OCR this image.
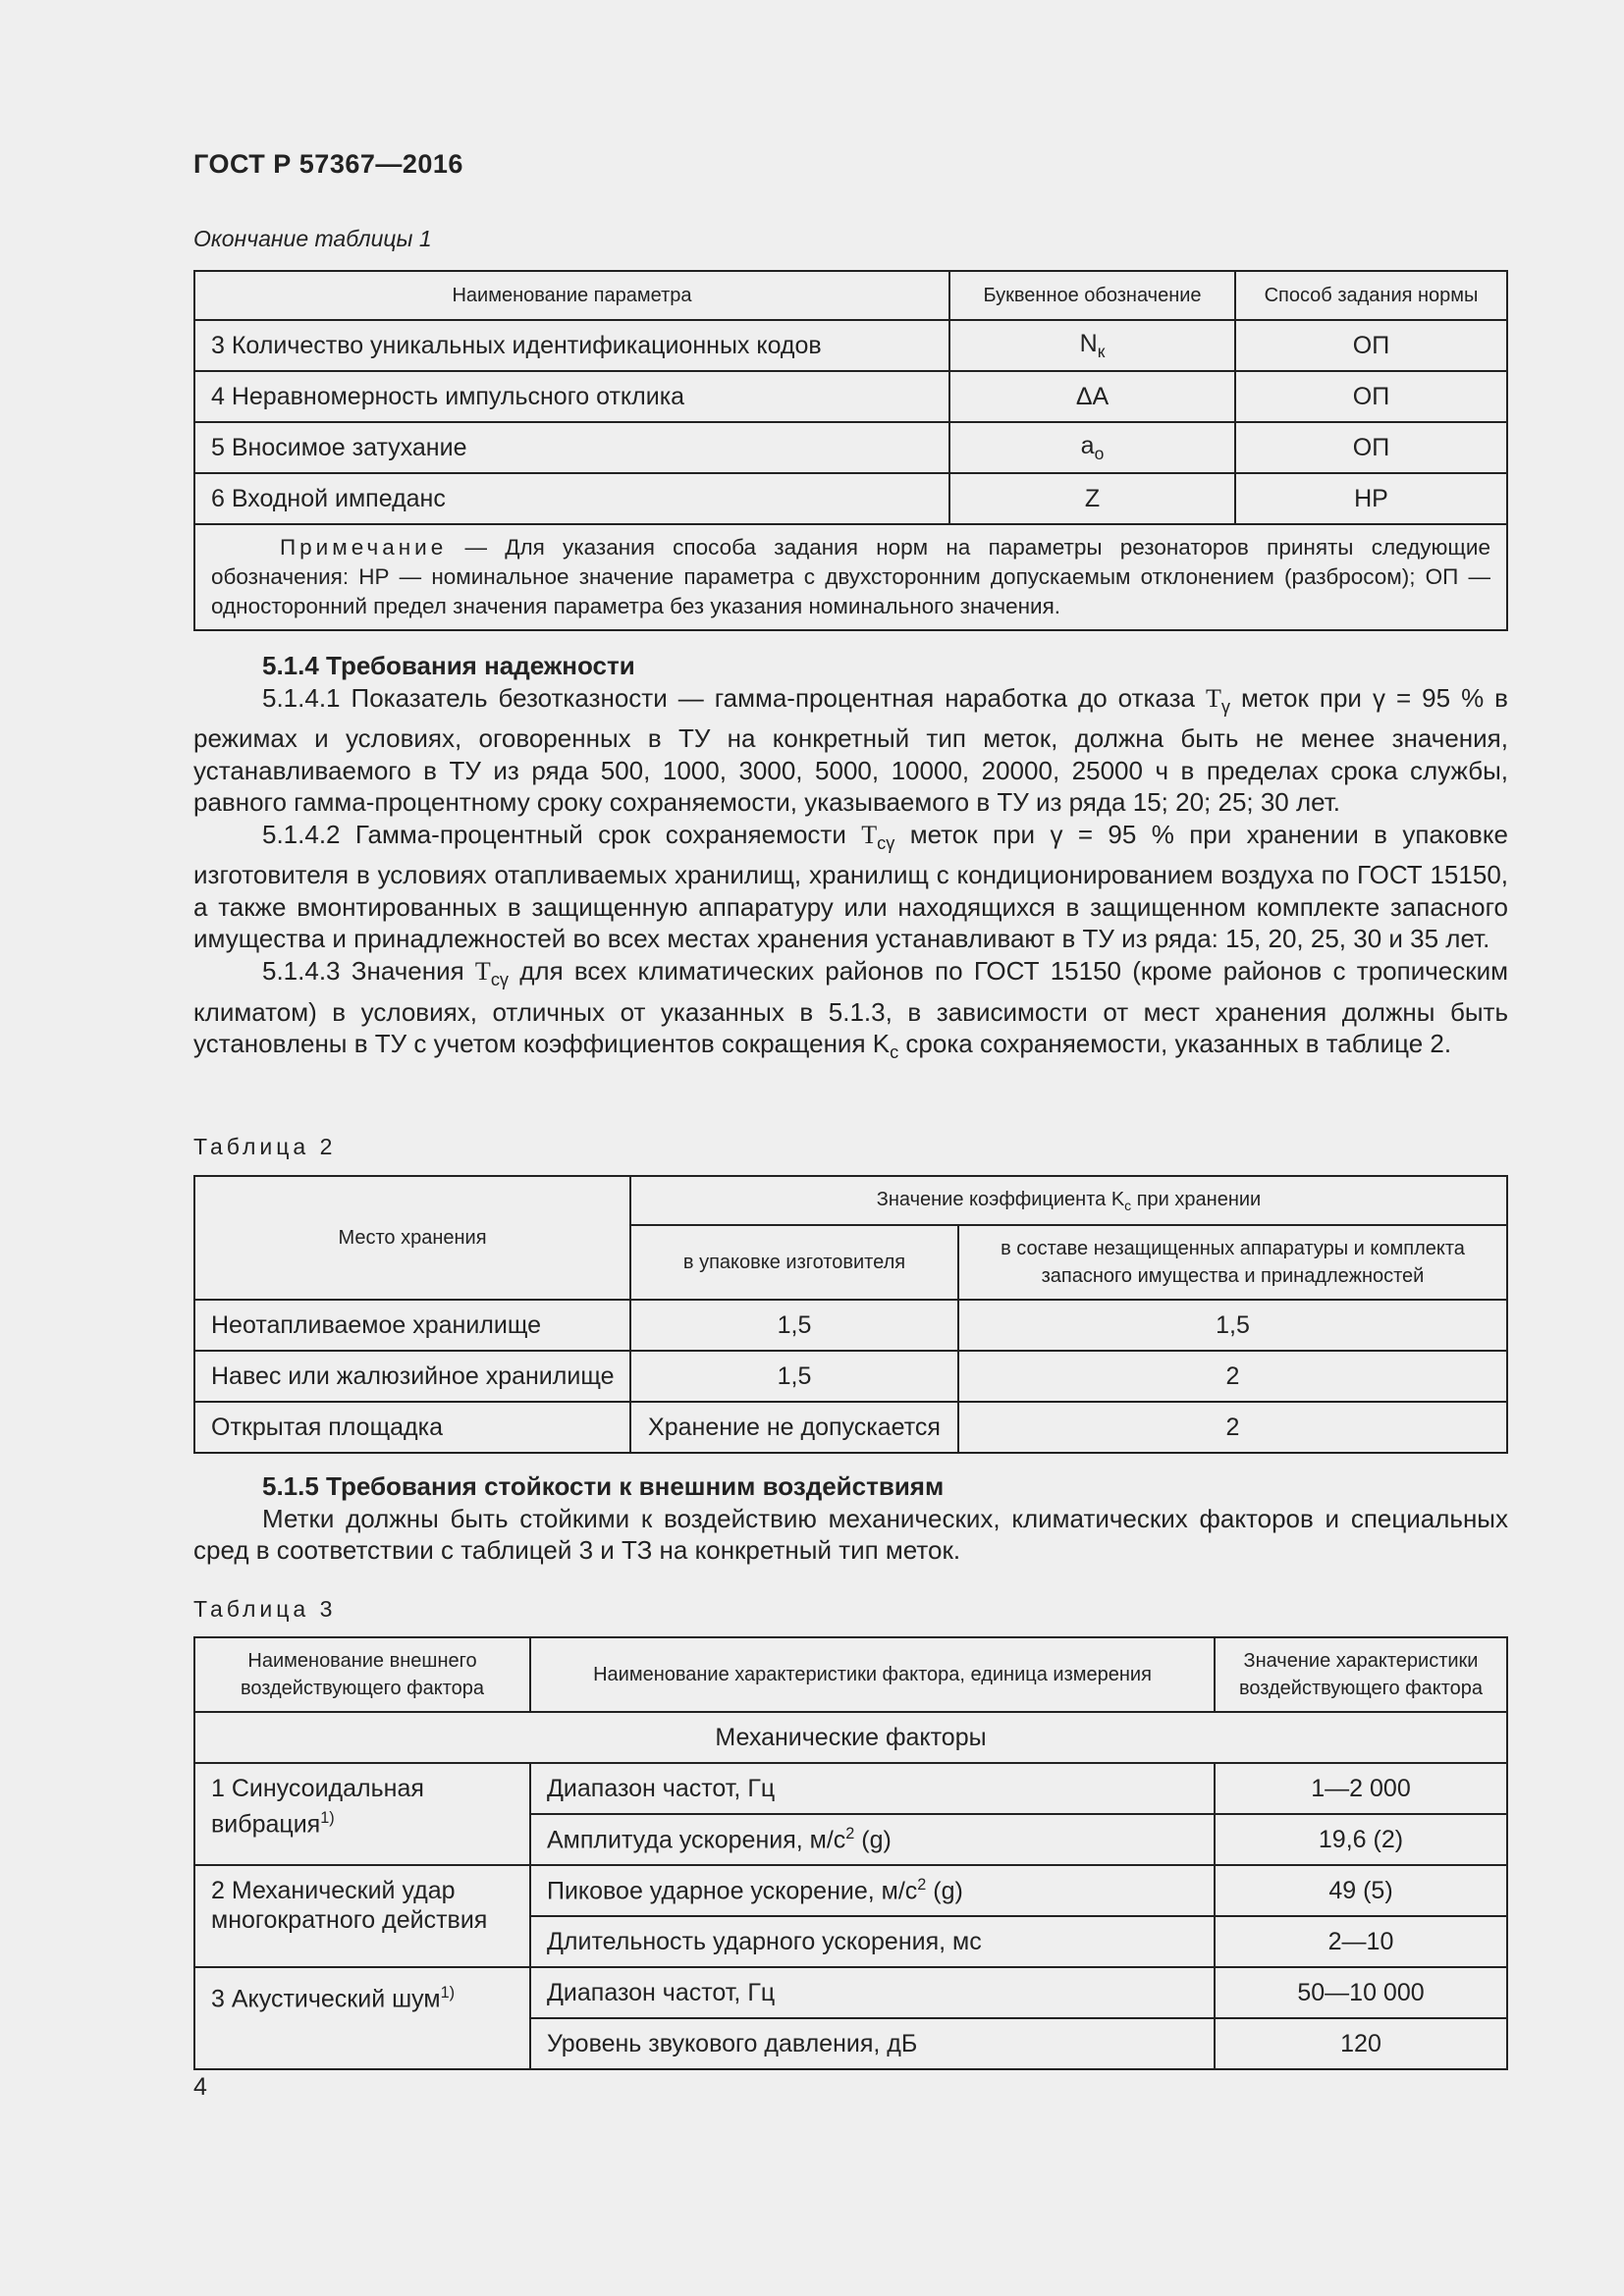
ГОСТ Р 57367—2016
Окончание таблицы 1
Наименование параметра	Буквенное обозначение	Способ задания нормы
3 Количество уникальных идентификационных кодов	$N_к$	ОП
4 Неравномерность импульсного отклика	ΔA	ОП
5 Вносимое затухание	$a_o$	ОП
6 Входной импеданс	Z	НР
Примечание — Для указания способа задания норм на параметры резонаторов приняты следующие обозначения: НР — номинальное значение параметра с двухсторонним допускаемым отклонением (разбросом); ОП — односторонний предел значения параметра без указания номинального значения.		

5.1.4 Требования надежности

5.1.4.1 Показатель безотказности — гамма-процентная наработка до отказа $T_\gamma$ меток при γ = 95 % в режимах и условиях, оговоренных в ТУ на конкретный тип меток, должна быть не менее значения, устанавливаемого в ТУ из ряда 500, 1000, 3000, 5000, 10000, 20000, 25000 ч в пределах срока службы, равного гамма-процентному сроку сохраняемости, указываемого в ТУ из ряда 15; 20; 25; 30 лет.

5.1.4.2 Гамма-процентный срок сохраняемости $T_{c\gamma}$ меток при γ = 95 % при хранении в упаковке изготовителя в условиях отапливаемых хранилищ, хранилищ с кондиционированием воздуха по ГОСТ 15150, а также вмонтированных в защищенную аппаратуру или находящихся в защищенном комплекте запасного имущества и принадлежностей во всех местах хранения устанавливают в ТУ из ряда: 15, 20, 25, 30 и 35 лет.

5.1.4.3 Значения $T_{c\gamma}$ для всех климатических районов по ГОСТ 15150 (кроме районов с тропическим климатом) в условиях, отличных от указанных в 5.1.3, в зависимости от мест хранения должны быть установлены в ТУ с учетом коэффициентов сокращения $K_c$ срока сохраняемости, указанных в таблице 2.

Таблица 2
Место хранения	Значение коэффициента $K_c$ при хранении	
	в упаковке изготовителя	в составе незащищенных аппаратуры и комплекта запасного имущества и принадлежностей
Неотапливаемое хранилище	1,5	1,5
Навес или жалюзийное хранилище	1,5	2
Открытая площадка	Хранение не допускается	2

5.1.5 Требования стойкости к внешним воздействиям

Метки должны быть стойкими к воздействию механических, климатических факторов и специальных сред в соответствии с таблицей 3 и ТЗ на конкретный тип меток.

Таблица 3
Наименование внешнего воздействующего фактора	Наименование характеристики фактора, единица измерения	Значение характеристики воздействующего фактора
Механические факторы		
1 Синусоидальная вибрация$^{1)}$	Диапазон частот, Гц	1—2 000
	Амплитуда ускорения, $м/с^2$ (g)	19,6 (2)
2 Механический удар многократного действия	Пиковое ударное ускорение, $м/с^2$ (g)	49 (5)
	Длительность ударного ускорения, мс	2—10
3 Акустический шум$^{1)}$	Диапазон частот, Гц	50—10 000
	Уровень звукового давления, дБ	120
4
